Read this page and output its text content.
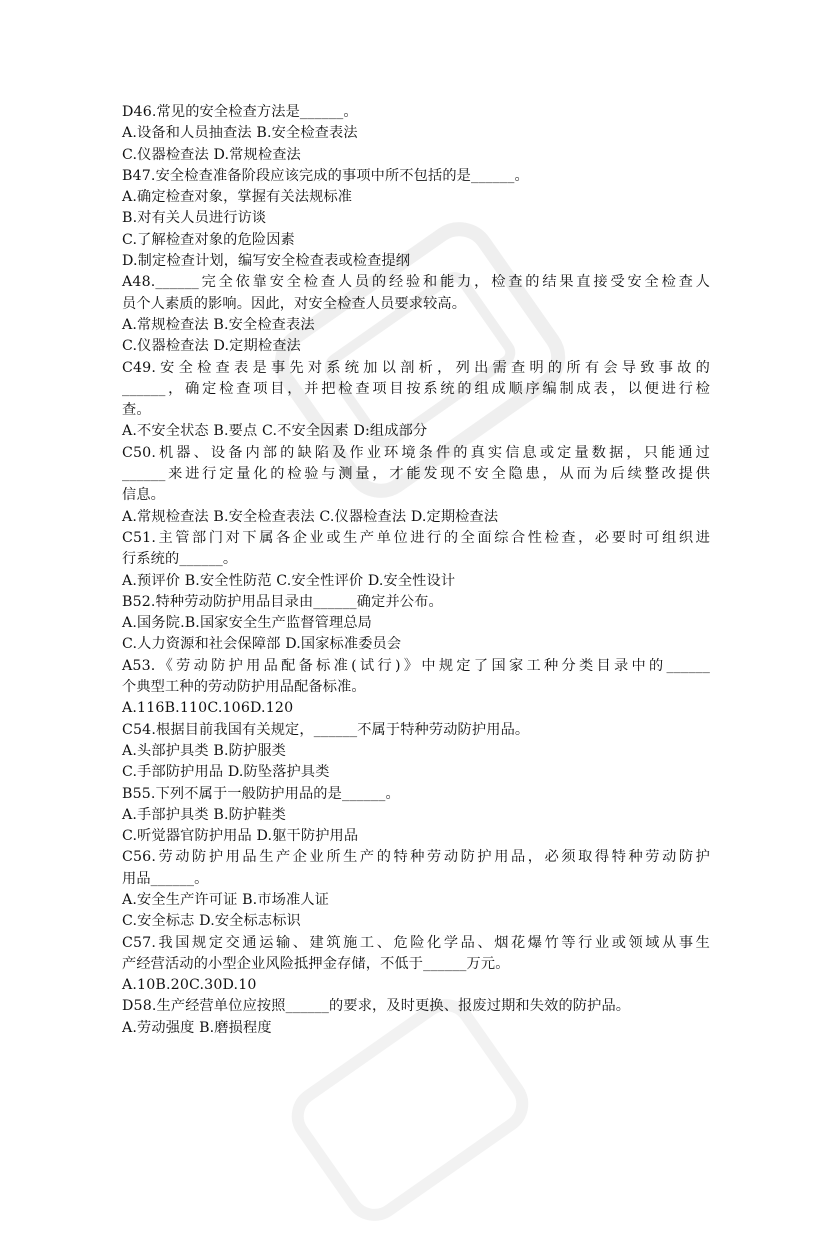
D46.常见的安全检查方法是______。
A.设备和人员抽查法 B.安全检查表法
C.仪器检查法 D.常规检查法
B47.安全检查准备阶段应该完成的事项中所不包括的是______。
A.确定检查对象，掌握有关法规标准
B.对有关人员进行访谈
C.了解检查对象的危险因素
D.制定检查计划，编写安全检查表或检查提纲
A48.______完全依靠安全检查人员的经验和能力，检查的结果直接受安全检查人
员个人素质的影响。因此，对安全检查人员要求较高。
A.常规检查法 B.安全检查表法
C.仪器检查法 D.定期检查法
C49.安全检查表是事先对系统加以剖析，列出需查明的所有会导致事故的
______，确定检查项目，并把检查项目按系统的组成顺序编制成表，以便进行检
查。
A.不安全状态 B.要点 C.不安全因素 D:组成部分
C50.机器、设备内部的缺陷及作业环境条件的真实信息或定量数据，只能通过
______来进行定量化的检验与测量，才能发现不安全隐患，从而为后续整改提供
信息。
A.常规检查法 B.安全检查表法 C.仪器检查法 D.定期检查法
C51.主管部门对下属各企业或生产单位进行的全面综合性检查，必要时可组织进
行系统的______。
A.预评价 B.安全性防范 C.安全性评价 D.安全性设计
B52.特种劳动防护用品目录由______确定并公布。
A.国务院.B.国家安全生产监督管理总局
C.人力资源和社会保障部 D.国家标准委员会
A53.《劳动防护用品配备标准(试行)》中规定了国家工种分类目录中的______
个典型工种的劳动防护用品配备标准。
A.116B.110C.106D.120
C54.根据目前我国有关规定，______不属于特种劳动防护用品。
A.头部护具类 B.防护服类
C.手部防护用品 D.防坠落护具类
B55.下列不属于一般防护用品的是______。
A.手部护具类 B.防护鞋类
C.听觉器官防护用品 D.躯干防护用品
C56.劳动防护用品生产企业所生产的特种劳动防护用品，必须取得特种劳动防护
用品______。
A.安全生产许可证 B.市场准人证
C.安全标志 D.安全标志标识
C57.我国规定交通运输、建筑施工、危险化学品、烟花爆竹等行业或领域从事生
产经营活动的小型企业风险抵押金存储，不低于______万元。
A.10B.20C.30D.10
D58.生产经营单位应按照______的要求，及时更换、报废过期和失效的防护品。
A.劳动强度 B.磨损程度
